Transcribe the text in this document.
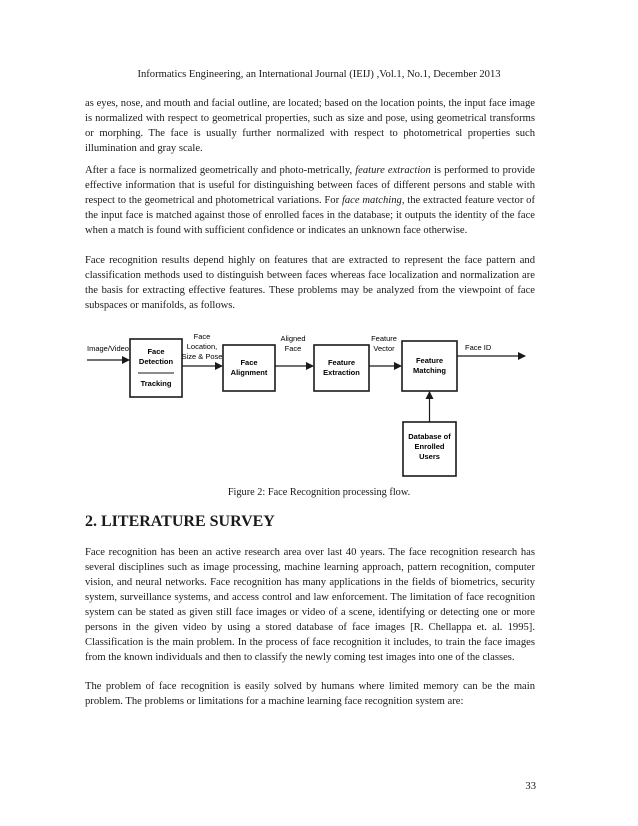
Informatics Engineering, an International Journal (IEIJ) ,Vol.1, No.1, December 2013

as eyes, nose, and mouth and facial outline, are located; based on the location points, the input face image is normalized with respect to geometrical properties, such as size and pose, using geometrical transforms or morphing. The face is usually further normalized with respect to photometrical properties such illumination and gray scale.

After a face is normalized geometrically and photo-metrically, feature extraction is performed to provide effective information that is useful for distinguishing between faces of different persons and stable with respect to the geometrical and photometrical variations. For face matching, the extracted feature vector of the input face is matched against those of enrolled faces in the database; it outputs the identity of the face when a match is found with sufficient confidence or indicates an unknown face otherwise.

Face recognition results depend highly on features that are extracted to represent the face pattern and classification methods used to distinguish between faces whereas face localization and normalization are the basis for extracting effective features. These problems may be analyzed from the viewpoint of face subspaces or manifolds, as follows.

Image/Video Face
Detection
Tracking
Face
Location,
Size & Pose
Face
Alignment
Aligned
Face
Feature
Extraction
Feature
Vector
Feature
Matching
Face ID
Database of
Enrolled
Users
Figure 2: Face Recognition processing flow.
2. LITERATURE SURVEY

Face recognition has been an active research area over last 40 years. The face recognition research has several disciplines such as image processing, machine learning approach, pattern recognition, computer vision, and neural networks. Face recognition has many applications in the fields of biometrics, security system, surveillance systems, and access control and law enforcement. The limitation of face recognition system can be stated as given still face images or video of a scene, identifying or detecting one or more persons in the given video by using a stored database of face images [R. Chellappa et. al. 1995]. Classification is the main problem. In the process of face recognition it includes, to train the face images from the known individuals and then to classify the newly coming test images into one of the classes.

The problem of face recognition is easily solved by humans where limited memory can be the main problem. The problems or limitations for a machine learning face recognition system are:

33
